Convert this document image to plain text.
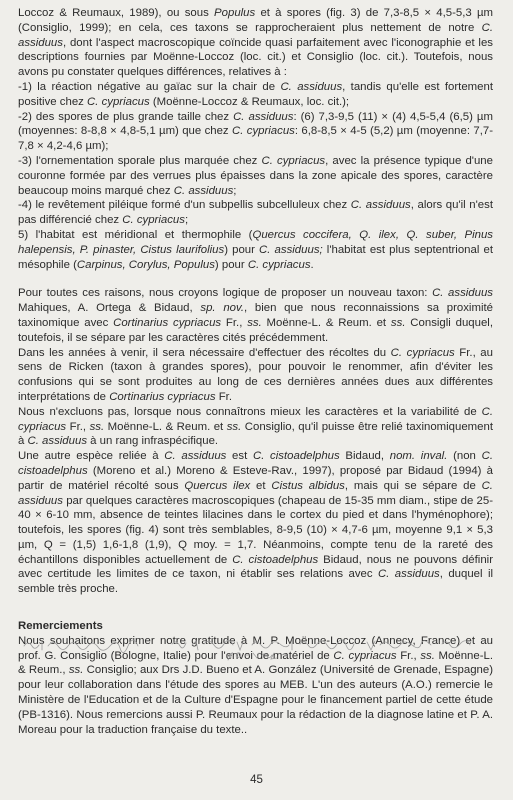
Loccoz & Reumaux, 1989), ou sous Populus et à spores (fig. 3) de 7,3-8,5 × 4,5-5,3 µm (Consiglio, 1999); en cela, ces taxons se rapprocheraient plus nettement de notre C. assiduus, dont l'aspect macroscopique coïncide quasi parfaitement avec l'iconographie et les descriptions fournies par Moënne-Loccoz (loc. cit.) et Consiglio (loc. cit.). Toutefois, nous avons pu constater quelques différences, relatives à :

-1) la réaction négative au gaïac sur la chair de C. assiduus, tandis qu'elle est fortement positive chez C. cypriacus (Moënne-Loccoz & Reumaux, loc. cit.);

-2) des spores de plus grande taille chez C. assiduus: (6) 7,3-9,5 (11) × (4) 4,5-5,4 (6,5) µm (moyennes: 8-8,8 × 4,8-5,1 µm) que chez C. cypriacus: 6,8-8,5 × 4-5 (5,2) µm (moyenne: 7,7-7,8 × 4,2-4,6 µm);

-3) l'ornementation sporale plus marquée chez C. cypriacus, avec la présence typique d'une couronne formée par des verrues plus épaisses dans la zone apicale des spores, caractère beaucoup moins marqué chez C. assiduus;

-4) le revêtement piléique formé d'un subpellis subcelluleux chez C. assiduus, alors qu'il n'est pas différencié chez C. cypriacus;

5) l'habitat est méridional et thermophile (Quercus coccifera, Q. ilex, Q. suber, Pinus halepensis, P. pinaster, Cistus laurifolius) pour C. assiduus; l'habitat est plus septentrional et mésophile (Carpinus, Corylus, Populus) pour C. cypriacus.

Pour toutes ces raisons, nous croyons logique de proposer un nouveau taxon: C. assiduus Mahiques, A. Ortega & Bidaud, sp. nov., bien que nous reconnaissions sa proximité taxinomique avec Cortinarius cypriacus Fr., ss. Moënne-L. & Reum. et ss. Consigli duquel, toutefois, il se sépare par les caractères cités précédemment.

Dans les années à venir, il sera nécessaire d'effectuer des récoltes du C. cypriacus Fr., au sens de Ricken (taxon à grandes spores), pour pouvoir le renommer, afin d'éviter les confusions qui se sont produites au long de ces dernières années dues aux différentes interprétations de Cortinarius cypriacus Fr.

Nous n'excluons pas, lorsque nous connaîtrons mieux les caractères et la variabilité de C. cypriacus Fr., ss. Moënne-L. & Reum. et ss. Consiglio, qu'il puisse être relié taxinomiquement à C. assiduus à un rang infraspécifique.

Une autre espèce reliée à C. assiduus est C. cistoadelphus Bidaud, nom. inval. (non C. cistoadelphus (Moreno et al.) Moreno & Esteve-Rav., 1997), proposé par Bidaud (1994) à partir de matériel récolté sous Quercus ilex et Cistus albidus, mais qui se sépare de C. assiduus par quelques caractères macroscopiques (chapeau de 15-35 mm diam., stipe de 25-40 × 6-10 mm, absence de teintes lilacines dans le cortex du pied et dans l'hyménophore); toutefois, les spores (fig. 4) sont très semblables, 8-9,5 (10) × 4,7-6 µm, moyenne 9,1 × 5,3 µm, Q = (1,5) 1,6-1,8 (1,9), Q moy. = 1,7. Néanmoins, compte tenu de la rareté des échantillons disponibles actuellement de C. cistoadelphus Bidaud, nous ne pouvons définir avec certitude les limites de ce taxon, ni établir ses relations avec C. assiduus, duquel il semble très proche.

Remerciements

Nous souhaitons exprimer notre gratitude à M. P. Moënne-Loccoz (Annecy, France) et au prof. G. Consiglio (Bologne, Italie) pour l'envoi de matériel de C. cypriacus Fr., ss. Moënne-L. & Reum., ss. Consiglio; aux Drs J.D. Bueno et A. González (Université de Grenade, Espagne) pour leur collaboration dans l'étude des spores au MEB. L'un des auteurs (A.O.) remercie le Ministère de l'Education et de la Culture d'Espagne pour le financement partiel de cette étude (PB-1316). Nous remercions aussi P. Reumaux pour la rédaction de la diagnose latine et P. A. Moreau pour la traduction française du texte..

45
